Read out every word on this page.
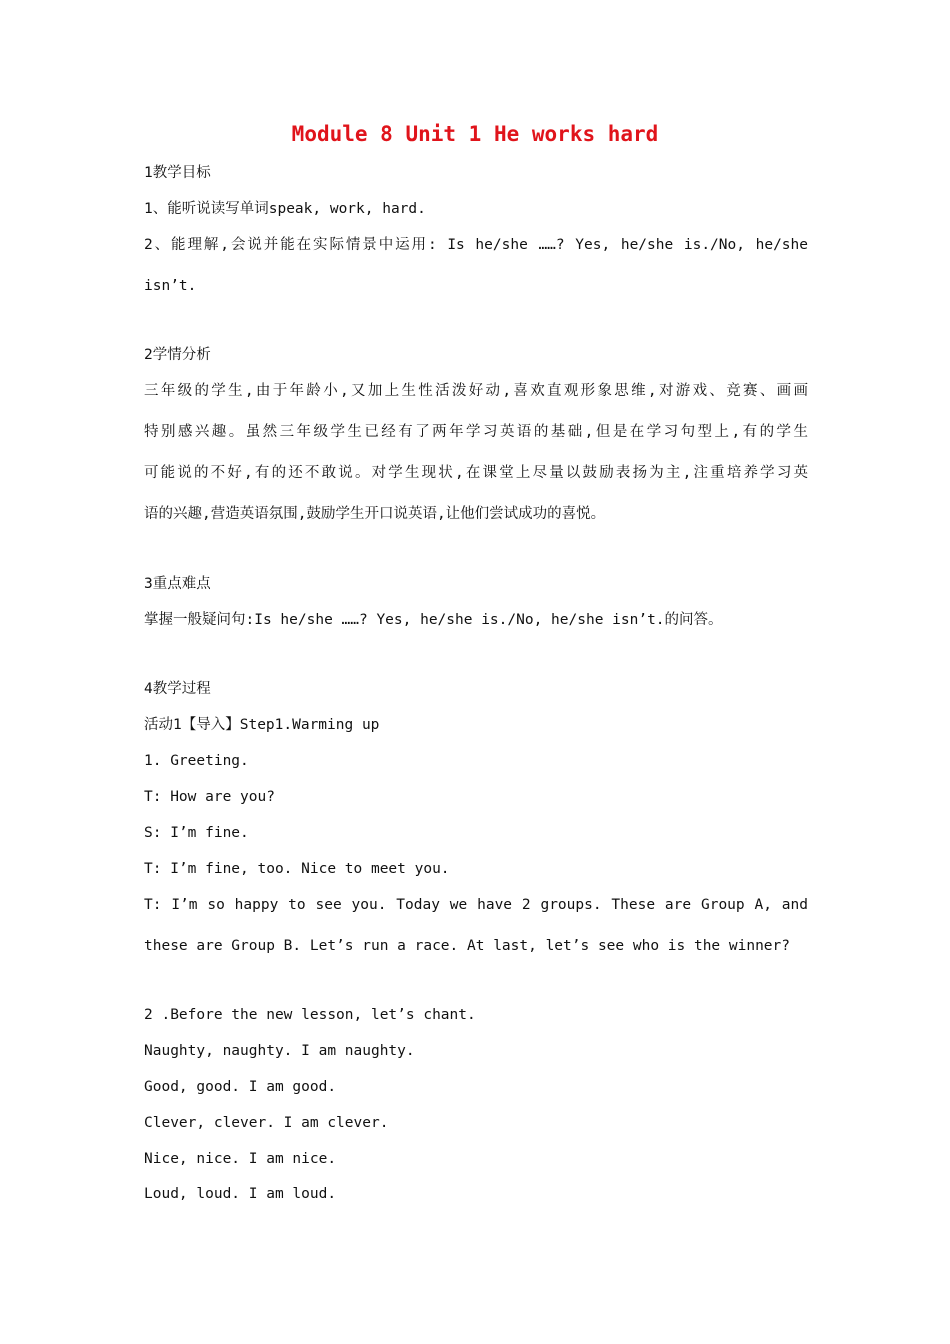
Module 8 Unit 1 He works hard
1教学目标
1、能听说读写单词speak, work, hard.
2、能理解,会说并能在实际情景中运用: Is he/she ……? Yes, he/she is./No, he/she
isn’t.
2学情分析
三年级的学生,由于年龄小,又加上生性活泼好动,喜欢直观形象思维,对游戏、竞赛、画画
特别感兴趣。虽然三年级学生已经有了两年学习英语的基础,但是在学习句型上,有的学生
可能说的不好,有的还不敢说。对学生现状,在课堂上尽量以鼓励表扬为主,注重培养学习英
语的兴趣,营造英语氛围,鼓励学生开口说英语,让他们尝试成功的喜悦。
3重点难点
掌握一般疑问句:Is he/she ……? Yes, he/she is./No, he/she isn’t.的问答。
4教学过程
活动1【导入】Step1.Warming up
1. Greeting.
T: How are you?
S: I’m fine.
T: I’m fine, too. Nice to meet you.
T: I’m so happy to see you. Today we have 2 groups. These are Group A, and
these are Group B. Let’s run a race. At last, let’s see who is the winner?
2 .Before the new lesson, let’s chant.
Naughty, naughty. I am naughty.
Good, good. I am good.
Clever, clever. I am clever.
Nice, nice. I am nice.
Loud, loud. I am loud.
